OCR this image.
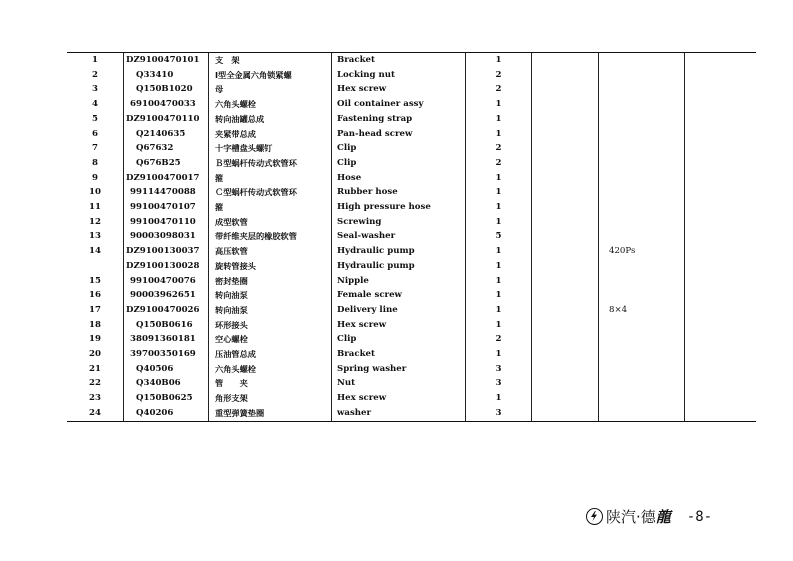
1	DZ9100470101	支　架	Bracket	1			
2	Q33410	Ⅰ型全金属六角锁紧螺	Locking nut	2			
3	Q150B1020	母	Hex screw	2			
4	69100470033	六角头螺栓	Oil container assy	1			
5	DZ9100470110	转向油罐总成	Fastening strap	1			
6	Q2140635	夹紧带总成	Pan-head screw	1			
7	Q67632	十字槽盘头螺钉	Clip	2			
8	Q676B25	Ｂ型蜗杆传动式软管环	Clip	2			
9	DZ9100470017	箍	Hose	1			
10	99114470088	Ｃ型蜗杆传动式软管环	Rubber hose	1			
11	99100470107	箍	High pressure hose	1			
12	99100470110	成型软管	Screwing	1			
13	90003098031	带纤维夹层的橡胶软管	Seal-washer	5			
14	DZ9100130037	高压软管	Hydraulic pump	1		420Ps	
	DZ9100130028	旋转管接头	Hydraulic pump	1			
15	99100470076	密封垫圈	Nipple	1			
16	90003962651	转向油泵	Female screw	1			
17	DZ9100470026	转向油泵	Delivery line	1		8×4	
18	Q150B0616	环形接头	Hex screw	1			
19	38091360181	空心螺栓	Clip	2			
20	39700350169	压油管总成	Bracket	1			
21	Q40506	六角头螺栓	Spring washer	3			
22	Q340B06	管　　夹	Nut	3			
23	Q150B0625	角形支架	Hex screw	1			
24	Q40206	重型弹簧垫圈	washer	3			
陕汽·德龍 -8-
